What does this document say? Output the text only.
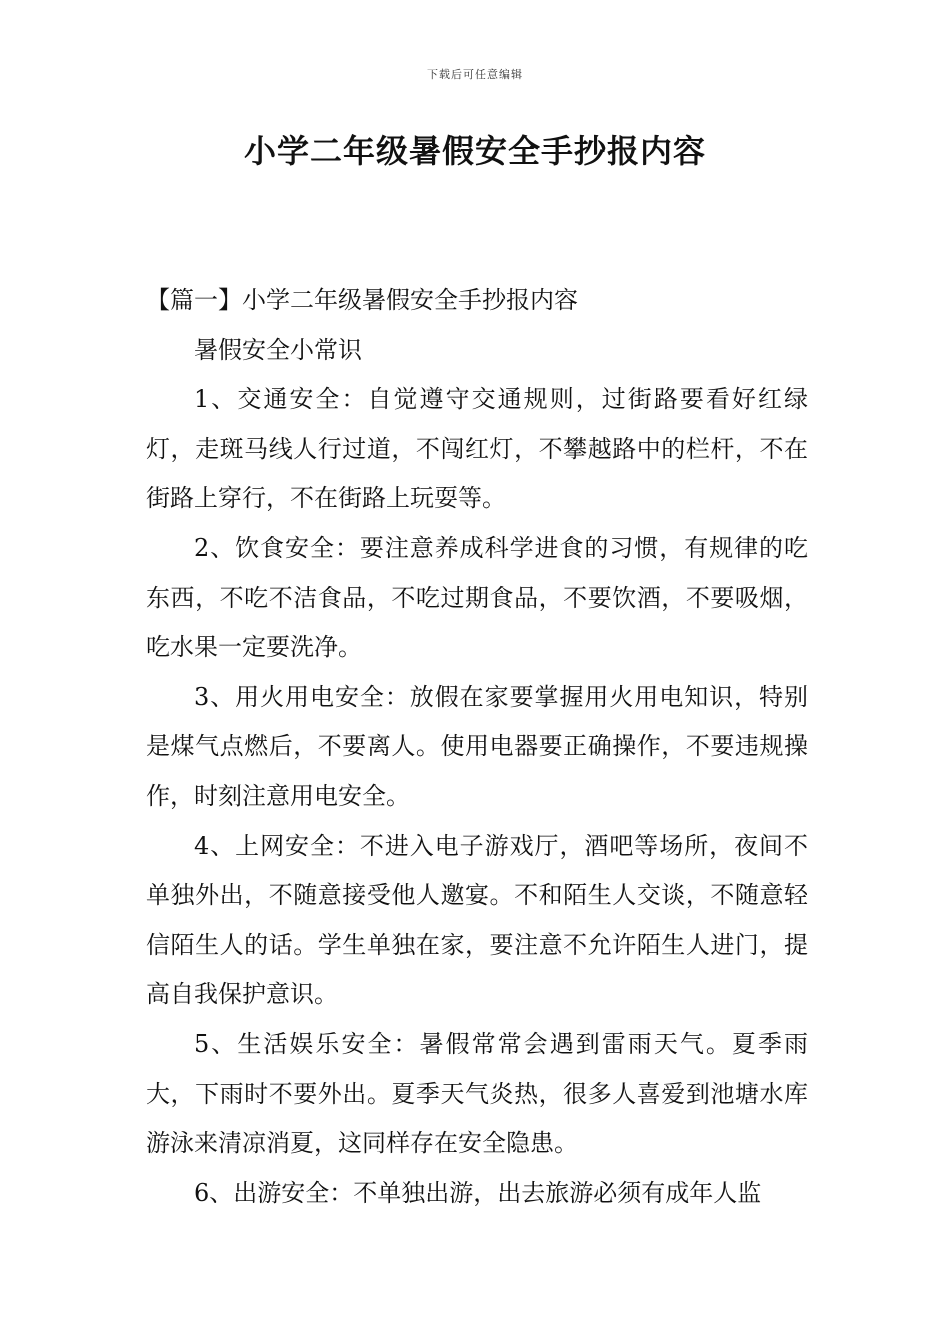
下载后可任意编辑
小学二年级暑假安全手抄报内容

【篇一】小学二年级暑假安全手抄报内容

暑假安全小常识

1、交通安全：自觉遵守交通规则，过街路要看好红绿灯，走斑马线人行过道，不闯红灯，不攀越路中的栏杆，不在街路上穿行，不在街路上玩耍等。

2、饮食安全：要注意养成科学进食的习惯，有规律的吃东西，不吃不洁食品，不吃过期食品，不要饮酒，不要吸烟，吃水果一定要洗净。

3、用火用电安全：放假在家要掌握用火用电知识，特别是煤气点燃后，不要离人。使用电器要正确操作，不要违规操作，时刻注意用电安全。

4、上网安全：不进入电子游戏厅，酒吧等场所，夜间不单独外出，不随意接受他人邀宴。不和陌生人交谈，不随意轻信陌生人的话。学生单独在家，要注意不允许陌生人进门，提高自我保护意识。

5、生活娱乐安全：暑假常常会遇到雷雨天气。夏季雨大，下雨时不要外出。夏季天气炎热，很多人喜爱到池塘水库游泳来清凉消夏，这同样存在安全隐患。

6、出游安全：不单独出游，出去旅游必须有成年人监
